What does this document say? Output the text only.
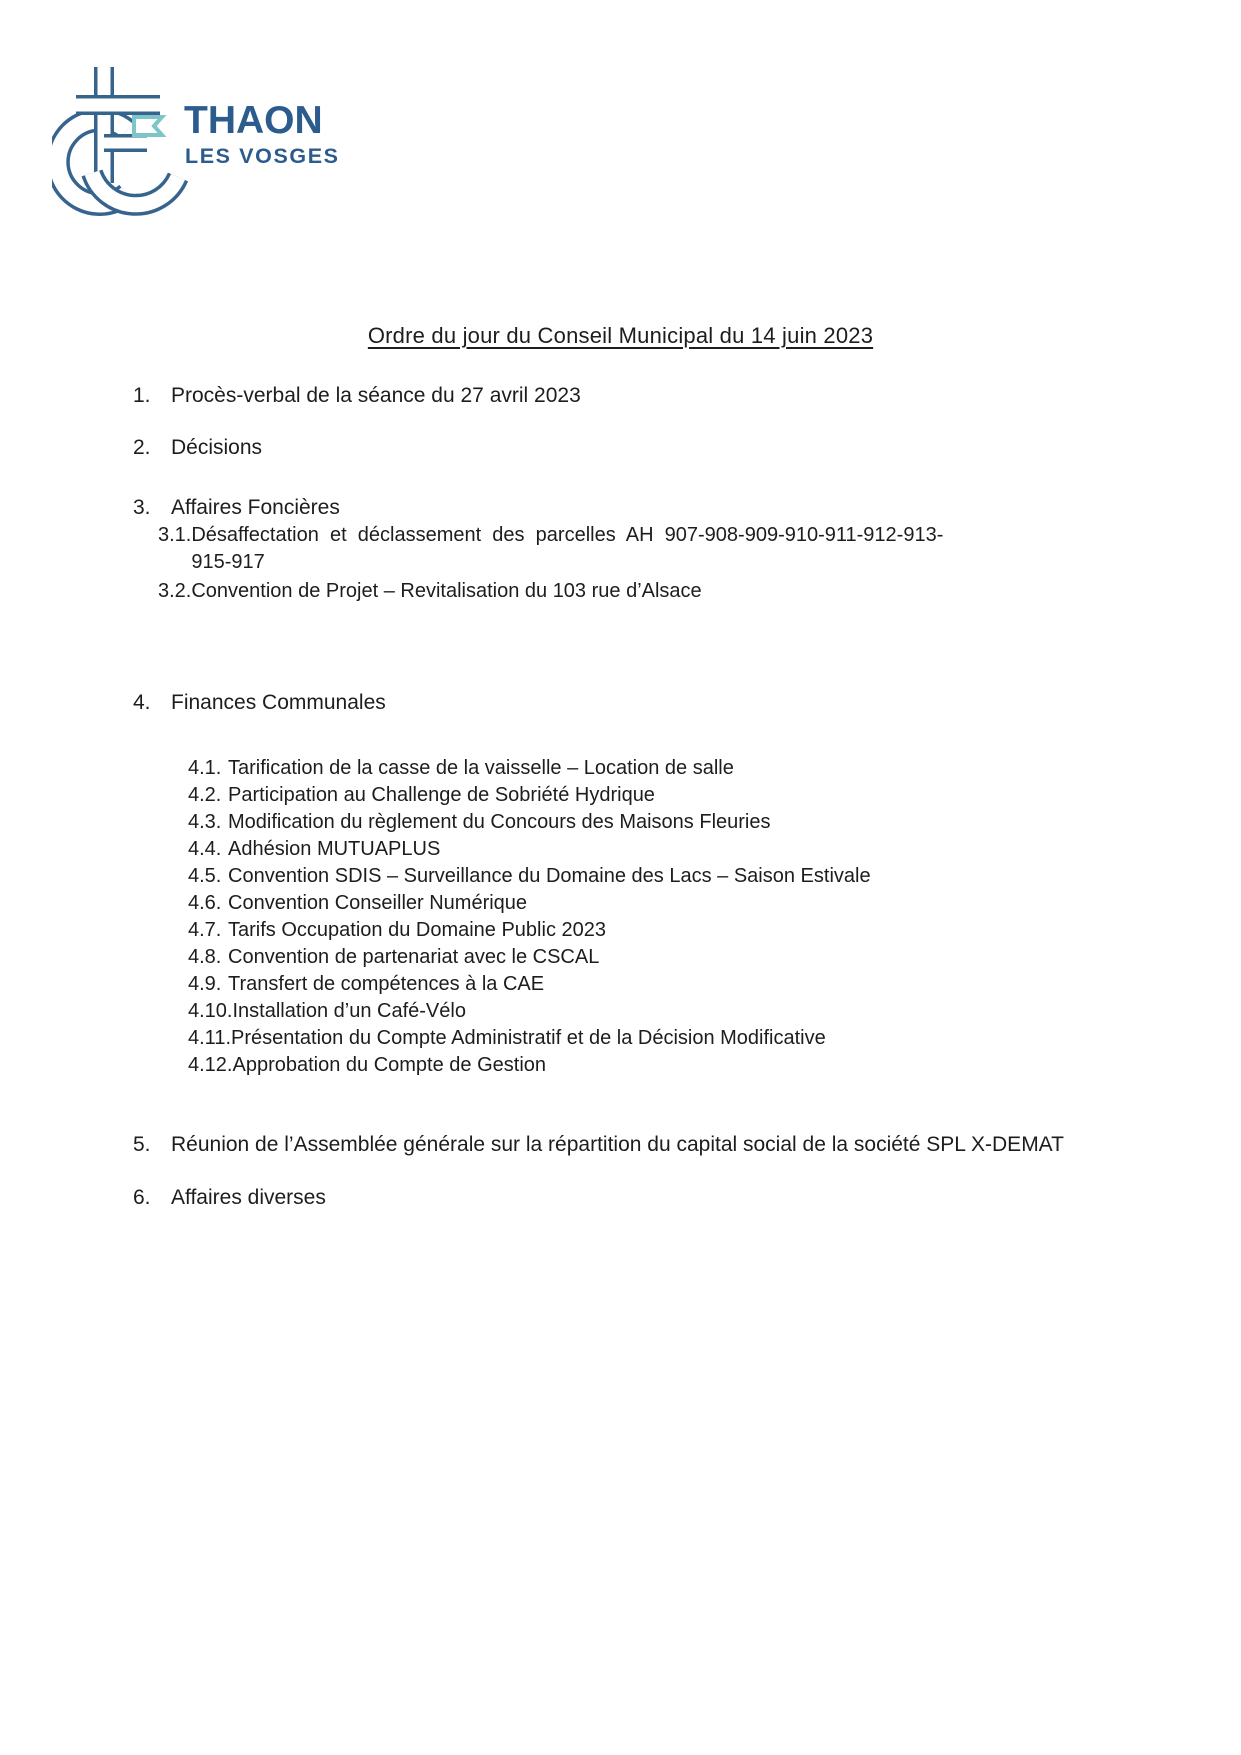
THAON
LES VOSGES
Ordre du jour du Conseil Municipal du 14 juin 2023
1. Procès-verbal de la séance du 27 avril 2023
2. Décisions
3. Affaires Foncières
3.1. Désaffectation et déclassement des parcelles AH 907-908-909-910-911-912-913-915-917
3.2. Convention de Projet – Revitalisation du 103 rue d’Alsace
4. Finances Communales
4.1. Tarification de la casse de la vaisselle – Location de salle
4.2. Participation au Challenge de Sobriété Hydrique
4.3. Modification du règlement du Concours des Maisons Fleuries
4.4. Adhésion MUTUAPLUS
4.5. Convention SDIS – Surveillance du Domaine des Lacs – Saison Estivale
4.6. Convention Conseiller Numérique
4.7. Tarifs Occupation du Domaine Public 2023
4.8. Convention de partenariat avec le CSCAL
4.9. Transfert de compétences à la CAE
4.10. Installation d’un Café-Vélo
4.11. Présentation du Compte Administratif et de la Décision Modificative
4.12. Approbation du Compte de Gestion
5. Réunion de l’Assemblée générale sur la répartition du capital social de la société SPL X-DEMAT
6. Affaires diverses
